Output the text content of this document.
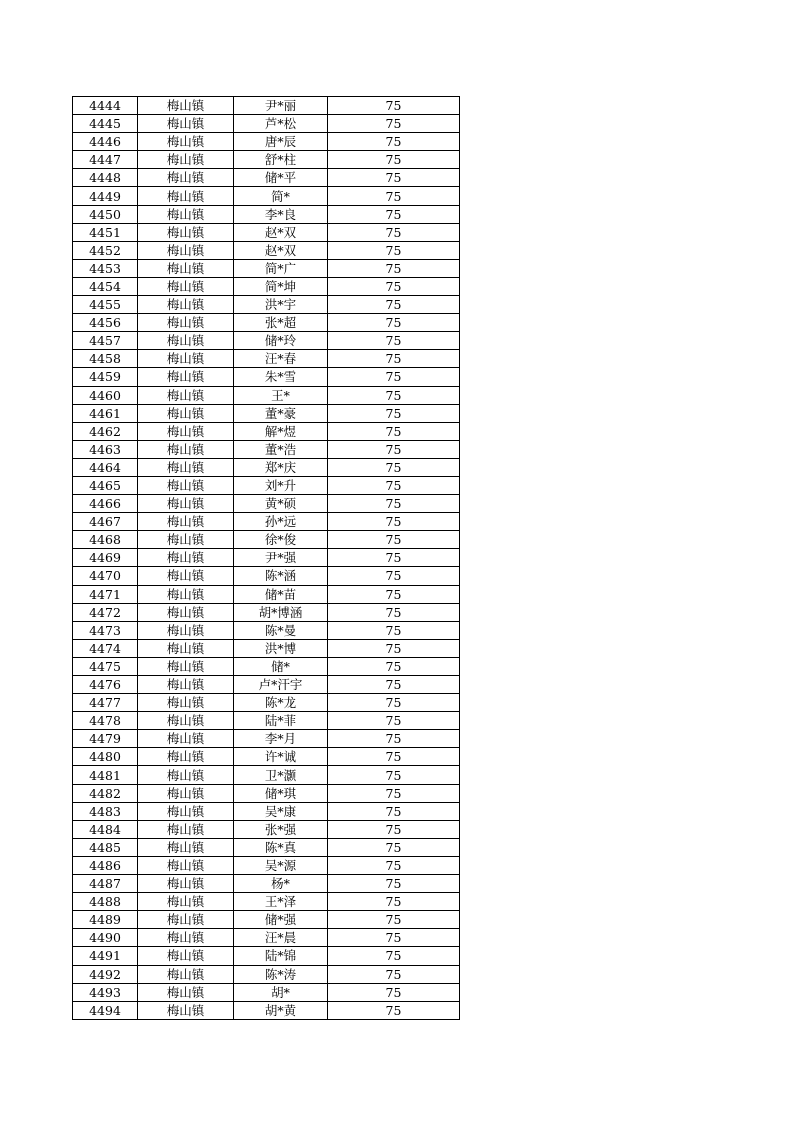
4444	梅山镇	尹*丽	75
4445	梅山镇	芦*松	75
4446	梅山镇	唐*辰	75
4447	梅山镇	舒*柱	75
4448	梅山镇	储*平	75
4449	梅山镇	简*	75
4450	梅山镇	李*良	75
4451	梅山镇	赵*双	75
4452	梅山镇	赵*双	75
4453	梅山镇	简*广	75
4454	梅山镇	简*坤	75
4455	梅山镇	洪*宇	75
4456	梅山镇	张*超	75
4457	梅山镇	储*玲	75
4458	梅山镇	汪*春	75
4459	梅山镇	朱*雪	75
4460	梅山镇	王*	75
4461	梅山镇	董*豪	75
4462	梅山镇	解*煜	75
4463	梅山镇	董*浩	75
4464	梅山镇	郑*庆	75
4465	梅山镇	刘*升	75
4466	梅山镇	黄*硕	75
4467	梅山镇	孙*远	75
4468	梅山镇	徐*俊	75
4469	梅山镇	尹*强	75
4470	梅山镇	陈*涵	75
4471	梅山镇	储*苗	75
4472	梅山镇	胡*博涵	75
4473	梅山镇	陈*曼	75
4474	梅山镇	洪*博	75
4475	梅山镇	储*	75
4476	梅山镇	卢*汗宇	75
4477	梅山镇	陈*龙	75
4478	梅山镇	陆*菲	75
4479	梅山镇	李*月	75
4480	梅山镇	许*诚	75
4481	梅山镇	卫*灏	75
4482	梅山镇	储*琪	75
4483	梅山镇	吴*康	75
4484	梅山镇	张*强	75
4485	梅山镇	陈*真	75
4486	梅山镇	吴*源	75
4487	梅山镇	杨*	75
4488	梅山镇	王*泽	75
4489	梅山镇	储*强	75
4490	梅山镇	汪*晨	75
4491	梅山镇	陆*锦	75
4492	梅山镇	陈*涛	75
4493	梅山镇	胡*	75
4494	梅山镇	胡*黄	75
